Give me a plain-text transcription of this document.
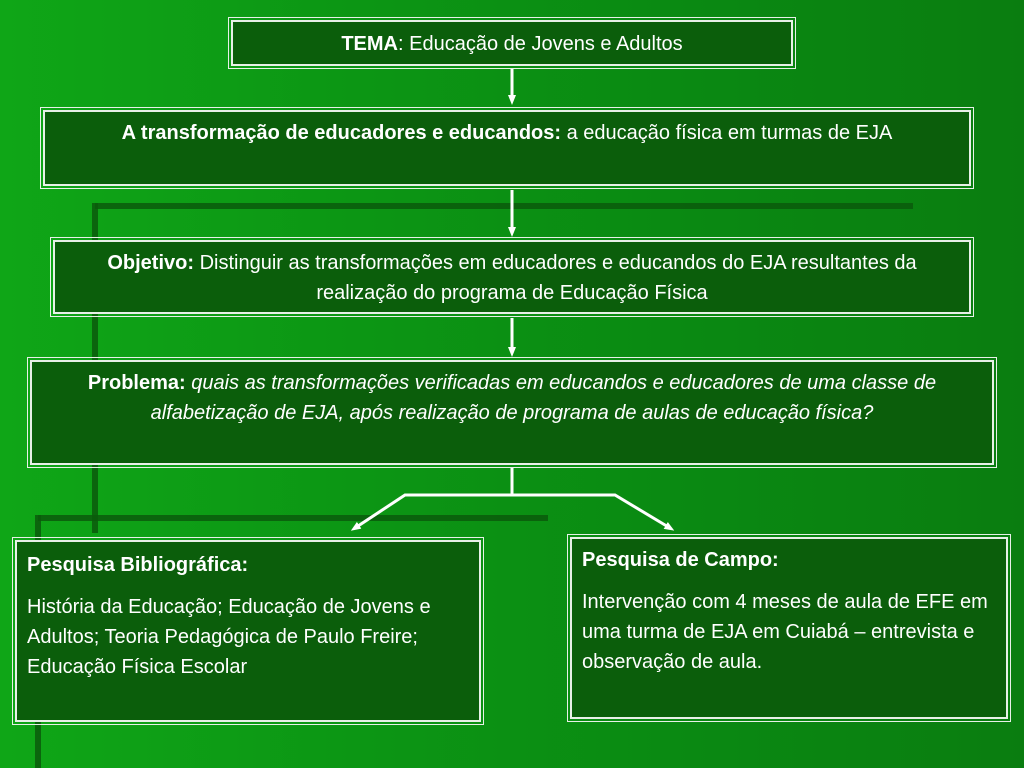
TEMA: Educação de Jovens e Adultos
A transformação de educadores e educandos: a educação física em turmas de EJA
Objetivo: Distinguir as transformações em educadores e educandos do EJA resultantes da realização do programa de Educação Física
Problema: quais as transformações verificadas em educandos e educadores de uma classe de alfabetização de EJA, após realização de programa de aulas de educação física?

Pesquisa Bibliográfica:

História da Educação; Educação de Jovens e Adultos; Teoria Pedagógica de Paulo Freire; Educação Física Escolar

Pesquisa de Campo:

Intervenção com 4 meses de aula de EFE em uma turma de EJA em Cuiabá – entrevista e observação de aula.
